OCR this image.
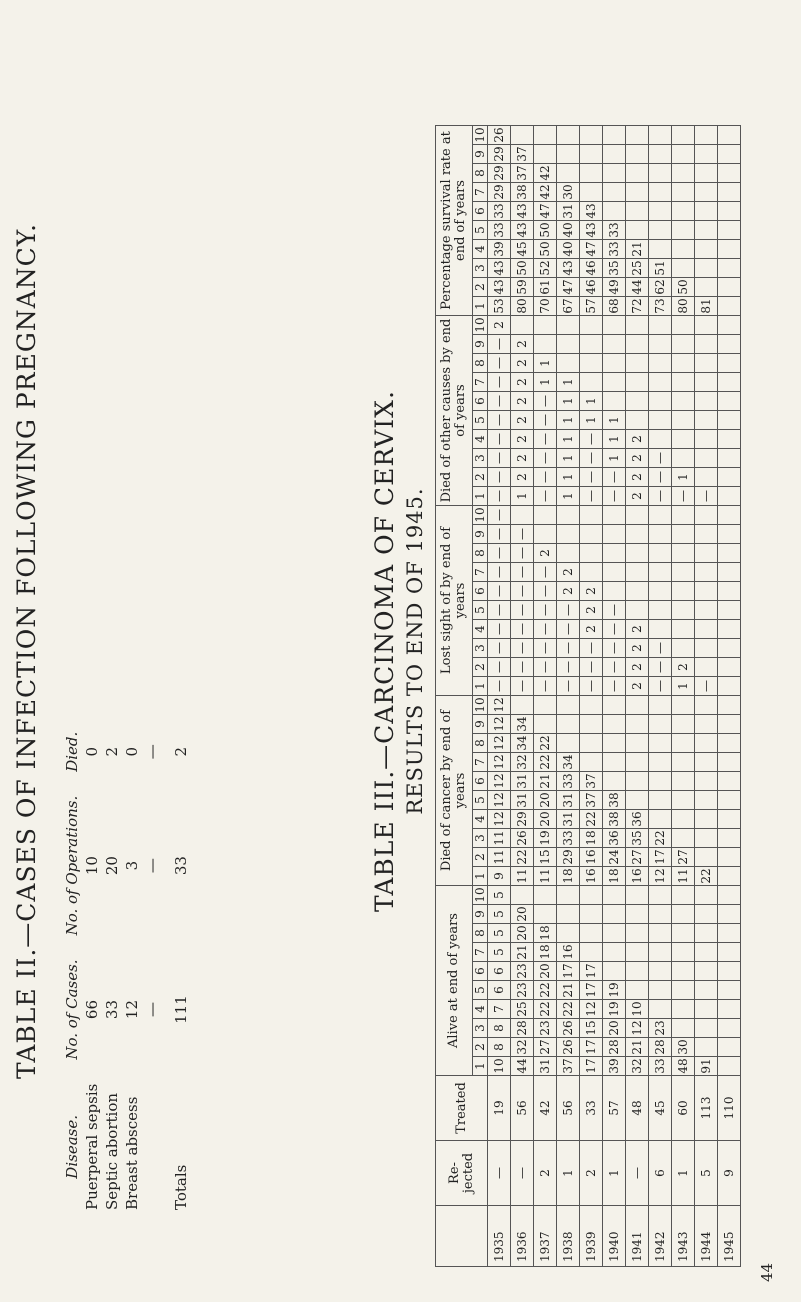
TABLE II.—CASES OF INFECTION FOLLOWING PREGNANCY.
Disease.	No. of Cases.	No. of Operations.	Died.
Puerperal sepsis	66	10	0
Septic abortion	33	20	2
Breast abscess	12	3	0
	—	—	—
Totals	111	33	2	TABLE III.—CARCINOMA OF CERVIX. RESULTS TO END OF 1945.
	Re-jected	Treated	Alive at end of years										Died of cancer by end of years										Lost sight of by end of years										Died of other causes by end of years										Percentage survival rate at end of years									
			1	2	3	4	5	6	7	8	9	10	1	2	3	4	5	6	7	8	9	10	1	2	3	4	5	6	7	8	9	10	1	2	3	4	5	6	7	8	9	10	1	2	3	4	5	6	7	8	9	10
1935	—	19	10	8	8	7	6	6	5	5	5	5	9	11	11	12	12	12	12	12	12	12	—	—	—	—	—	—	—	—	—	—	—	—	—	—	—	—	—	—	—	2	53	43	43	39	33	33	29	29	29	26
1936	—	56	44	32	28	25	23	23	21	20	20		11	22	26	29	31	31	32	34	34		—	—	—	—	—	—	—	—	—		1	2	2	2	2	2	2	2	2		80	59	50	45	43	43	38	37	37	
1937	2	42	31	27	23	22	22	20	18	18			11	15	19	20	20	21	22	22			—	—	—	—	—	—	—	2			—	—	—	—	—	—	1	1			70	61	52	50	50	47	42	42		
1938	1	56	37	26	26	22	21	17	16				18	29	33	31	31	33	34				—	—	—	—	—	2	2				1	1	1	1	1	1	1				67	47	43	40	40	31	30			
1939	2	33	17	17	15	12	17	17					16	16	18	22	37	37					—	—	—	2	2	2					—	—	—	—	1	1					57	46	46	47	43	43				
1940	1	57	39	28	20	19	19						18	24	36	38	38						—	—	—	—	—						—	—	1	1	1						68	49	35	33	33					
1941	—	48	32	21	12	10							16	27	35	36							2	2	2	2							2	2	2	2							72	44	25	21						
1942	6	45	33	28	23								12	17	22								—	—	—								—	—	—								73	62	51							
1943	1	60	48	30									11	27									1	2									—	1									80	50								
1944	5	113	91										22										—										—										81									
1945	9	110																																																		
44
